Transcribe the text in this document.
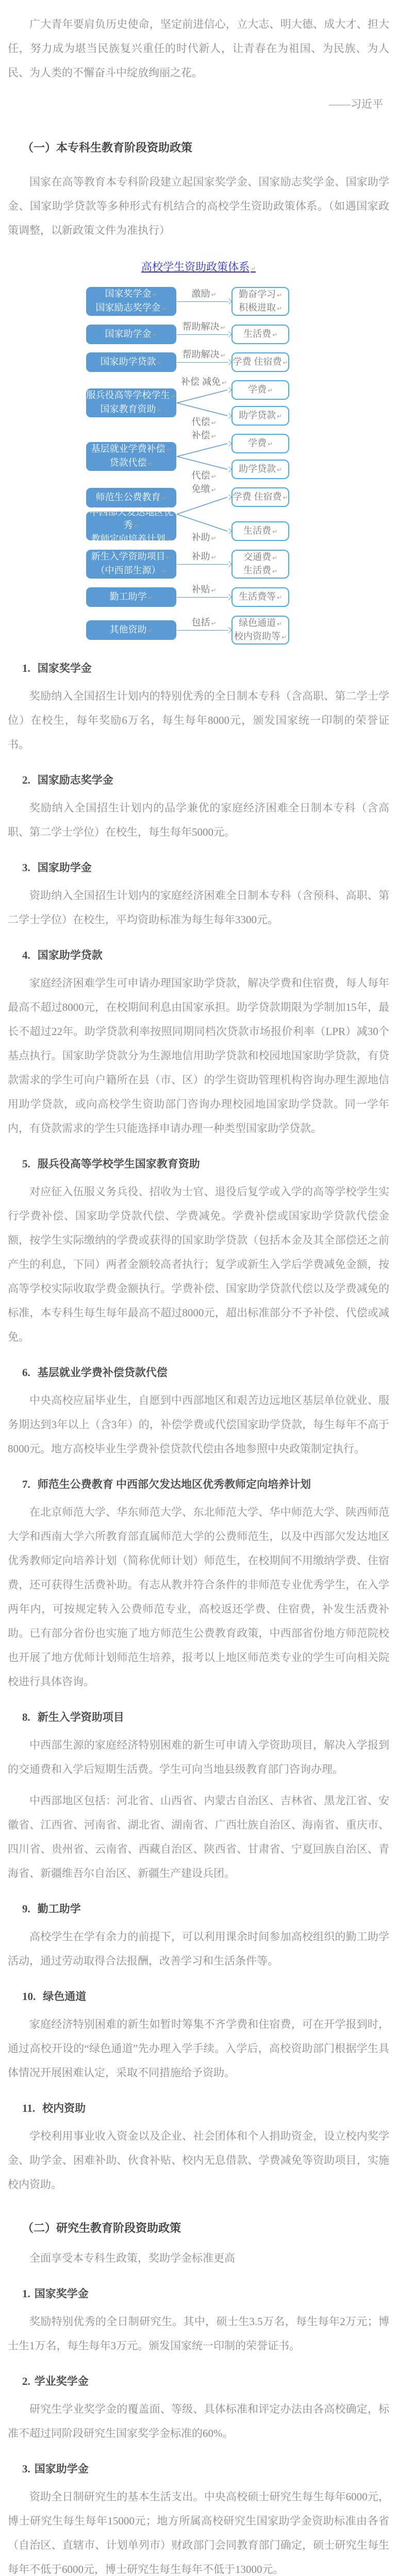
广大青年要肩负历史使命，坚定前进信心，立大志、明大德、成大才、担大任，努力成为堪当民族复兴重任的时代新人，让青春在为祖国、为民族、为人民、为人类的不懈奋斗中绽放绚丽之花。

——习近平

（一）本专科生教育阶段资助政策

国家在高等教育本专科阶段建立起国家奖学金、国家励志奖学金、国家助学金、国家助学贷款等多种形式有机结合的高校学生资助政策体系。（如遇国家政策调整，以新政策文件为准执行）

高校学生资助政策体系 ↵
国家奖学金 ↵
国家励志奖学金 ↵
激励 ↵	勤奋学习 ↵
积极进取 ↵
国家助学金 ↵
帮助解决 ↵
生活费 ↵
国家助学贷款 ↵
帮助解决 ↵
学费 住宿费 ↵
服兵役高等学校学生 ↵
国家教育资助 ↵
补偿 减免 ↵
代偿 ↵
学费 ↵
助学贷款 ↵
基层就业学费补偿 ↵
贷款代偿 ↵
补偿 ↵
代偿 ↵
学费 ↵
助学贷款 ↵
师范生公费教育 ↵
中西部欠发达地区优秀 ↵
教师定向培养计划 ↵
免缴 ↵
补助 ↵
学费 住宿费 ↵
生活费 ↵
新生入学资助项目 ↵
（中西部生源） ↵
补助 ↵	交通费 ↵
生活费 ↵
勤工助学 ↵
补贴 ↵
生活费等 ↵
其他资助 ↵
包括 ↵	绿色通道 ↵
校内资助等 ↵
1. 国家奖学金

奖励纳入全国招生计划内的特别优秀的全日制本专科（含高职、第二学士学位）在校生，每年奖励6万名，每生每年8000元，颁发国家统一印制的荣誉证书。

2. 国家励志奖学金

奖励纳入全国招生计划内的品学兼优的家庭经济困难全日制本专科（含高职、第二学士学位）在校生，每生每年5000元。

3. 国家助学金

资助纳入全国招生计划内的家庭经济困难全日制本专科（含预科、高职、第二学士学位）在校生，平均资助标准为每生每年3300元。

4. 国家助学贷款

家庭经济困难学生可申请办理国家助学贷款，解决学费和住宿费，每人每年最高不超过8000元，在校期间利息由国家承担。助学贷款期限为学制加15年，最长不超过22年。助学贷款利率按照同期同档次贷款市场报价利率（LPR）减30个基点执行。国家助学贷款分为生源地信用助学贷款和校园地国家助学贷款，有贷款需求的学生可向户籍所在县（市、区）的学生资助管理机构咨询办理生源地信用助学贷款，或向高校学生资助部门咨询办理校园地国家助学贷款。同一学年内，有贷款需求的学生只能选择申请办理一种类型国家助学贷款。

5. 服兵役高等学校学生国家教育资助

对应征入伍服义务兵役、招收为士官、退役后复学或入学的高等学校学生实行学费补偿、国家助学贷款代偿、学费减免。学费补偿或国家助学贷款代偿金额，按学生实际缴纳的学费或获得的国家助学贷款（包括本金及其全部偿还之前产生的利息，下同）两者金额较高者执行；复学或新生入学后学费减免金额，按高等学校实际收取学费金额执行。学费补偿、国家助学贷款代偿以及学费减免的标准，本专科生每生每年最高不超过8000元，超出标准部分不予补偿、代偿或减免。

6. 基层就业学费补偿贷款代偿

中央高校应届毕业生，自愿到中西部地区和艰苦边远地区基层单位就业、服务期达到3年以上（含3年）的，补偿学费或代偿国家助学贷款，每生每年不高于8000元。地方高校毕业生学费补偿贷款代偿由各地参照中央政策制定执行。

7. 师范生公费教育 中西部欠发达地区优秀教师定向培养计划

在北京师范大学、华东师范大学、东北师范大学、华中师范大学、陕西师范大学和西南大学六所教育部直属师范大学的公费师范生，以及中西部欠发达地区优秀教师定向培养计划（简称优师计划）师范生，在校期间不用缴纳学费、住宿费，还可获得生活费补助。有志从教并符合条件的非师范专业优秀学生，在入学两年内，可按规定转入公费师范专业，高校返还学费、住宿费，补发生活费补助。已有部分省份也实施了地方师范生公费教育政策，中西部省份地方师范院校也开展了地方优师计划师范生培养，报考以上地区师范类专业的学生可向相关院校进行具体咨询。

8. 新生入学资助项目

中西部生源的家庭经济特别困难的新生可申请入学资助项目，解决入学报到的交通费和入学后短期生活费。学生可向当地县级教育部门咨询办理。

中西部地区包括：河北省、山西省、内蒙古自治区、吉林省、黑龙江省、安徽省、江西省、河南省、湖北省、湖南省、广西壮族自治区、海南省、重庆市、四川省、贵州省、云南省、西藏自治区、陕西省、甘肃省、宁夏回族自治区、青海省、新疆维吾尔自治区、新疆生产建设兵团。

9. 勤工助学

高校学生在学有余力的前提下，可以利用课余时间参加高校组织的勤工助学活动，通过劳动取得合法报酬，改善学习和生活条件等。

10. 绿色通道

家庭经济特别困难的新生如暂时筹集不齐学费和住宿费，可在开学报到时，通过高校开设的“绿色通道”先办理入学手续。入学后，高校资助部门根据学生具体情况开展困难认定，采取不同措施给予资助。

11. 校内资助

学校利用事业收入资金以及企业、社会团体和个人捐助资金，设立校内奖学金、助学金、困难补助、伙食补贴、校内无息借款、学费减免等资助项目，实施校内资助。

（二）研究生教育阶段资助政策

全面享受本专科生政策，奖助学金标准更高

1. 国家奖学金

奖励特别优秀的全日制研究生。其中，硕士生3.5万名，每生每年2万元；博士生1万名，每生每年3万元。颁发国家统一印制的荣誉证书。

2. 学业奖学金

研究生学业奖学金的覆盖面、等级、具体标准和评定办法由各高校确定，标准不超过同阶段研究生国家奖学金标准的60%。

3. 国家助学金

资助全日制研究生的基本生活支出。中央高校硕士研究生每生每年6000元，博士研究生每生每年15000元；地方所属高校研究生国家助学金资助标准由各省（自治区、直辖市、计划单列市）财政部门会同教育部门确定，硕士研究生每生每年不低于6000元，博士研究生每生每年不低于13000元。
